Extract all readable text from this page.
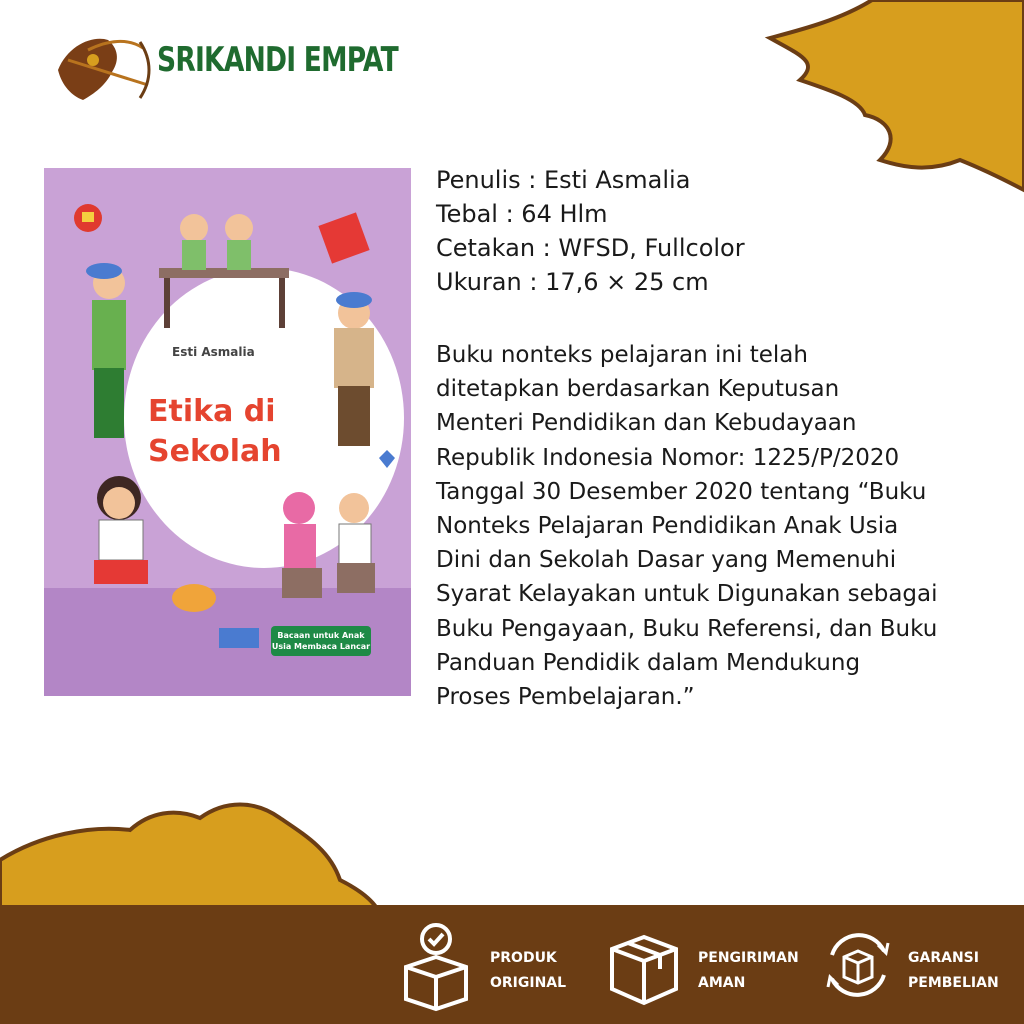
SRIKANDI EMPAT
Esti Asmalia
Etika di
Sekolah
Bacaan untuk Anak
Usia Membaca Lancar
Penulis : Esti Asmalia
Tebal : 64 Hlm
Cetakan : WFSD, Fullcolor
Ukuran : 17,6 × 25 cm
Buku nonteks pelajaran ini telah
ditetapkan berdasarkan Keputusan
Menteri Pendidikan dan Kebudayaan
Republik Indonesia Nomor: 1225/P/2020
Tanggal 30 Desember 2020 tentang “Buku
Nonteks Pelajaran Pendidikan Anak Usia
Dini dan Sekolah Dasar yang Memenuhi
Syarat Kelayakan untuk Digunakan sebagai
Buku Pengayaan, Buku Referensi, dan Buku
Panduan Pendidik dalam Mendukung
Proses Pembelajaran.”
PRODUK
ORIGINAL
PENGIRIMAN
AMAN
GARANSI
PEMBELIAN
